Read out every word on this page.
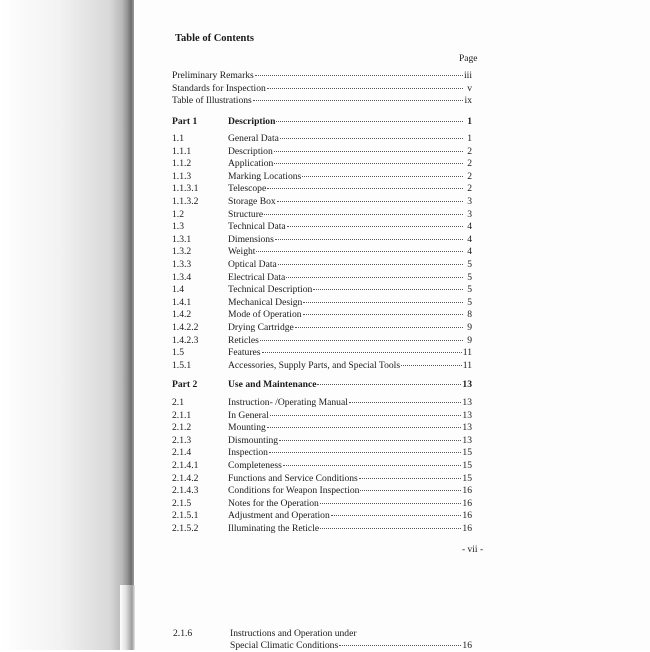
Table of Contents
Page
Preliminary Remarks	iii
Standards for Inspection	v
Table of Illustrations	ix
Part 1	Description	1
1.1	General Data	1
1.1.1	Description	2
1.1.2	Application	2
1.1.3	Marking Locations	2
1.1.3.1	Telescope	2
1.1.3.2	Storage Box	3
1.2	Structure	3
1.3	Technical Data	4
1.3.1	Dimensions	4
1.3.2	Weight	4
1.3.3	Optical Data	5
1.3.4	Electrical Data	5
1.4	Technical Description	5
1.4.1	Mechanical Design	5
1.4.2	Mode of Operation	8
1.4.2.2	Drying Cartridge	9
1.4.2.3	Reticles	9
1.5	Features	11
1.5.1	Accessories, Supply Parts, and Special Tools	11
Part 2	Use and Maintenance	13
2.1	Instruction- /Operating Manual	13
2.1.1	In General	13
2.1.2	Mounting	13
2.1.3	Dismounting	13
2.1.4	Inspection	15
2.1.4.1	Completeness	15
2.1.4.2	Functions and Service Conditions	15
2.1.4.3	Conditions for Weapon Inspection	16
2.1.5	Notes for the Operation	16
2.1.5.1	Adjustment and Operation	16
2.1.5.2	Illuminating the Reticle	16
- vii -
2.1.6	Instructions and Operation under
Special Climatic Conditions	16
